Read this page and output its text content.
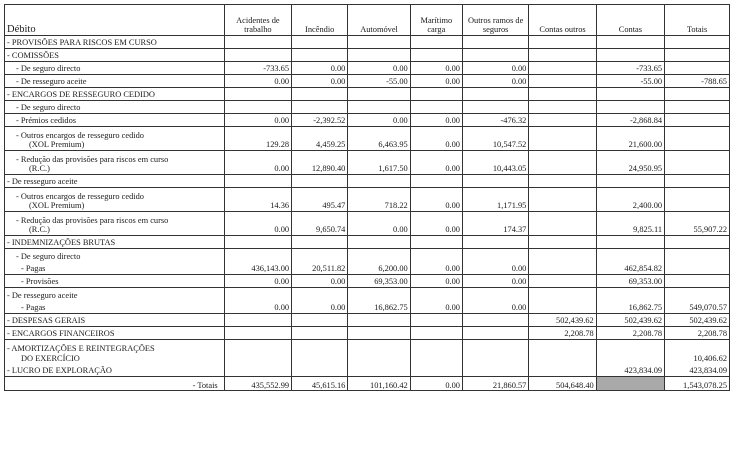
Débito	Acidentes de trabalho	Incêndio	Automóvel	Marítimo carga	Outros ramos de seguros	Contas outros	Contas	Totais

- PROVISÕES PARA RISCOS EM CURSO								

- COMISSÕES								

- De seguro directo	-733.65	0.00	0.00	0.00	0.00		-733.65	

- De resseguro aceite	0.00	0.00	-55.00	0.00	0.00		-55.00	-788.65

- ENCARGOS DE RESSEGURO CEDIDO								

- De seguro directo								

- Prémios cedidos	0.00	-2,392.52	0.00	0.00	-476.32		-2,868.84	

- Outros encargos de resseguro cedido
(XOL Premium)	129.28	4,459.25	6,463.95	0.00	10,547.52		21,600.00	

- Redução das provisões para riscos em curso
(R.C.)	0.00	12,890.40	1,617.50	0.00	10,443.05		24,950.95	

- De resseguro aceite								

- Outros encargos de resseguro cedido
(XOL Premium)	14.36	495.47	718.22	0.00	1,171.95		2,400.00	

- Redução das provisões para riscos em curso
(R.C.)	0.00	9,650.74	0.00	0.00	174.37		9,825.11	55,907.22

- INDEMNIZAÇÕES BRUTAS								

- De seguro directo								

- Pagas	436,143.00	20,511.82	6,200.00	0.00	0.00		462,854.82	

- Provisões	0.00	0.00	69,353.00	0.00	0.00		69,353.00	

- De resseguro aceite								

- Pagas	0.00	0.00	16,862.75	0.00	0.00		16,862.75	549,070.57

- DESPESAS GERAIS						502,439.62	502,439.62	502,439.62

- ENCARGOS FINANCEIROS						2,208.78	2,208.78	2,208.78

- AMORTIZAÇÕES E REINTEGRAÇÕES
DO EXERCÍCIO								10,406.62

- LUCRO DE EXPLORAÇÃO							423,834.09	423,834.09
- Totais	435,552.99	45,615.16	101,160.42	0.00	21,860.57	504,648.40		1,543,078.25
